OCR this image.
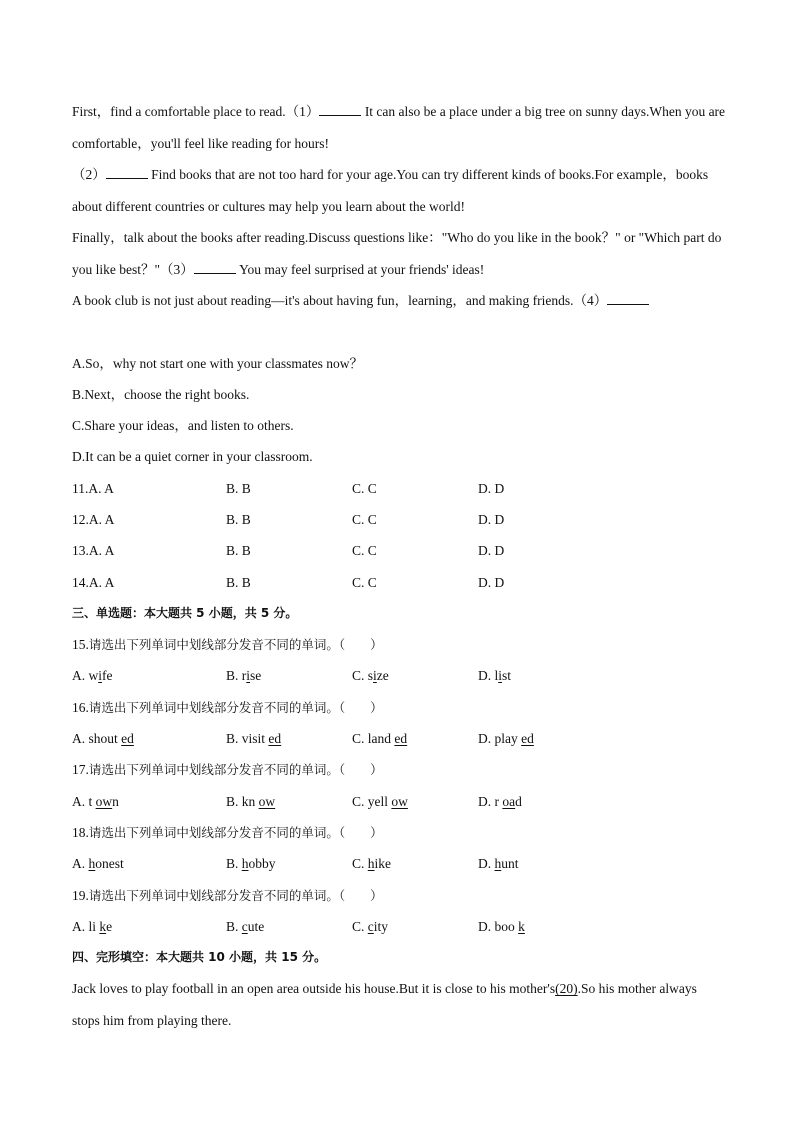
First，find a comfortable place to read.（1）	It can also be a place under a big tree on sunny days.When you are comfortable，you'll feel like reading for hours!

（2）	Find books that are not too hard for your age.You can try different kinds of books.For example，books about different countries or cultures may help you learn about the world!

Finally，talk about the books after reading.Discuss questions like："Who do you like in the book？" or "Which part do you like best？"（3）	You may feel surprised at your friends' ideas!

A book club is not just about reading—it's about having fun，learning，and making friends.（4）

A.So，why not start one with your classmates now？
B.Next，choose the right books.
C.Share your ideas，and listen to others.
D.It can be a quiet corner in your classroom.
11.A. A	B. B	C. C	D. D
12.A. A	B. B	C. C	D. D
13.A. A	B. B	C. C	D. D
14.A. A	B. B	C. C	D. D
三、单选题：本大题共 5 小题，共 5 分。
15.请选出下列单词中划线部分发音不同的单词。（　　）
A. wife	B. rise	C. size	D. list
16.请选出下列单词中划线部分发音不同的单词。（　　）
A. shout ed	B. visit ed	C. land ed	D. play ed
17.请选出下列单词中划线部分发音不同的单词。（　　）
A. t own	B. kn ow	C. yell ow	D. r oad
18.请选出下列单词中划线部分发音不同的单词。（　　）
A. honest	B. hobby	C. hike	D. hunt
19.请选出下列单词中划线部分发音不同的单词。（　　）
A. li ke	B. cute	C. city	D. boo k
四、完形填空：本大题共 10 小题，共 15 分。

Jack loves to play football in an open area outside his house.But it is close to his mother's(20).So his mother always stops him from playing there.
